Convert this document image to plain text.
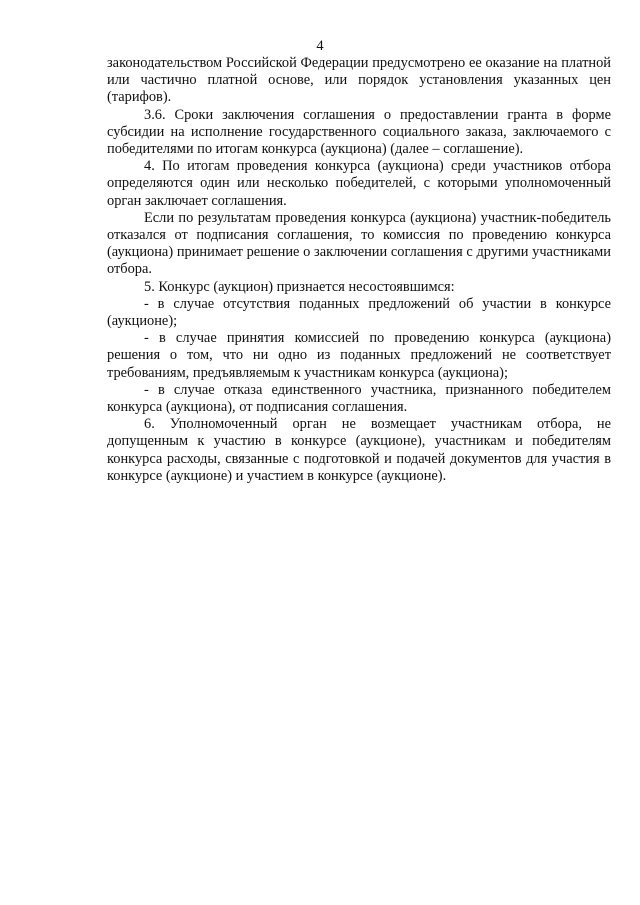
4

законодательством Российской Федерации предусмотрено ее оказание на платной или частично платной основе, или порядок установления указанных цен (тарифов).

3.6. Сроки заключения соглашения о предоставлении гранта в форме субсидии на исполнение государственного социального заказа, заключаемого с победителями по итогам конкурса (аукциона) (далее – соглашение).

4. По итогам проведения конкурса (аукциона) среди участников отбора определяются один или несколько победителей, с которыми уполномоченный орган заключает соглашения.

Если по результатам проведения конкурса (аукциона) участник-победитель отказался от подписания соглашения, то комиссия по проведению конкурса (аукциона) принимает решение о заключении соглашения с другими участниками отбора.

5. Конкурс (аукцион) признается несостоявшимся:

- в случае отсутствия поданных предложений об участии в конкурсе (аукционе);

- в случае принятия комиссией по проведению конкурса (аукциона) решения о том, что ни одно из поданных предложений не соответствует требованиям, предъявляемым к участникам конкурса (аукциона);

- в случае отказа единственного участника, признанного победителем конкурса (аукциона), от подписания соглашения.

6. Уполномоченный орган не возмещает участникам отбора, не допущенным к участию в конкурсе (аукционе), участникам и победителям конкурса расходы, связанные с подготовкой и подачей документов для участия в конкурсе (аукционе) и участием в конкурсе (аукционе).
